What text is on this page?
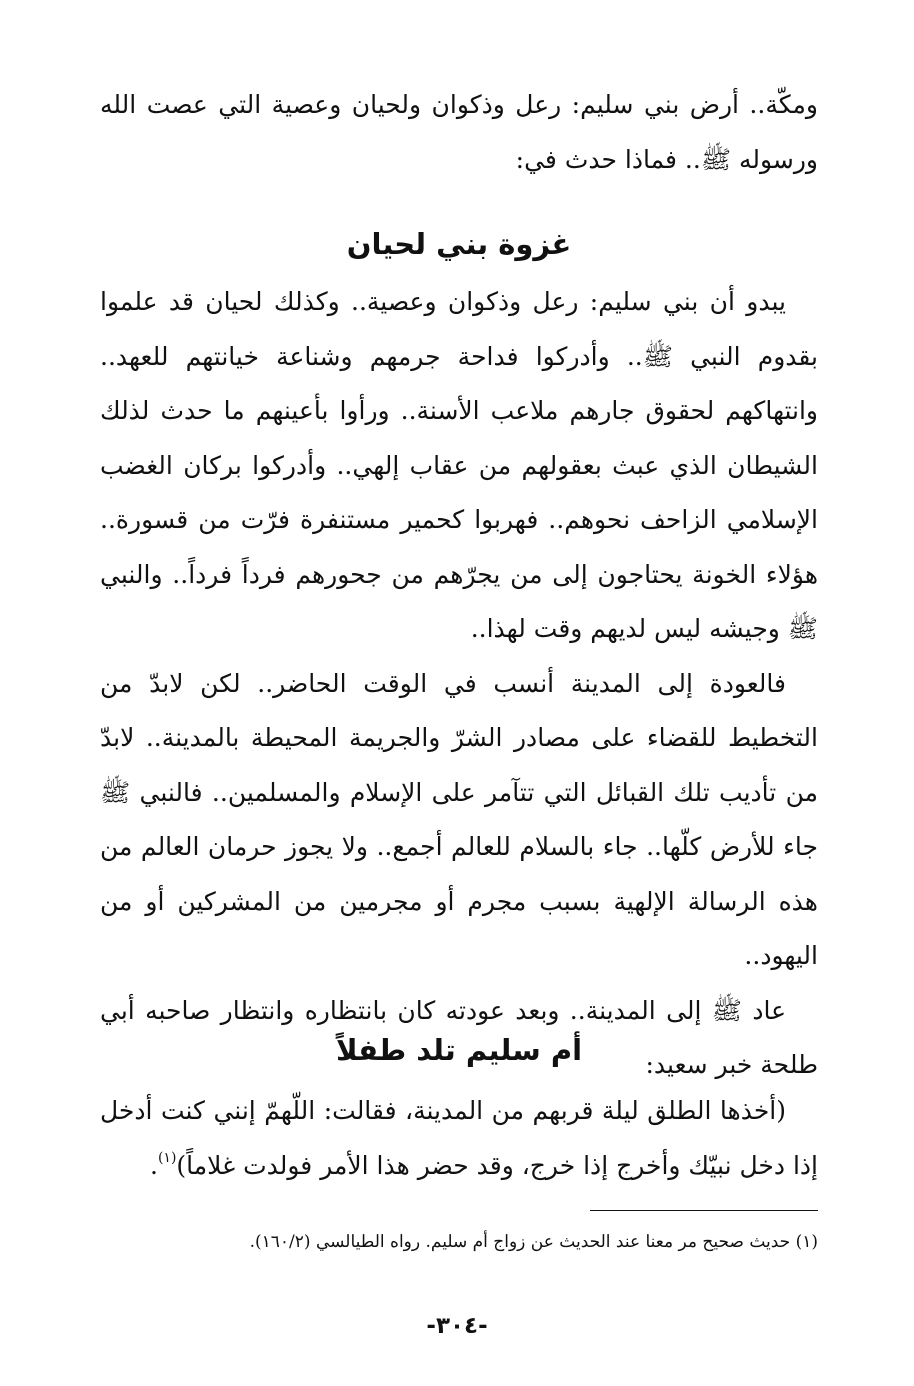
ومكّة.. أرض بني سليم: رعل وذكوان ولحيان وعصية التي عصت الله ورسوله ﷺ.. فماذا حدث في:

غزوة بني لحيان

يبدو أن بني سليم: رعل وذكوان وعصية.. وكذلك لحيان قد علموا بقدوم النبي ﷺ.. وأدركوا فداحة جرمهم وشناعة خيانتهم للعهد.. وانتهاكهم لحقوق جارهم ملاعب الأسنة.. ورأوا بأعينهم ما حدث لذلك الشيطان الذي عبث بعقولهم من عقاب إلهي.. وأدركوا بركان الغضب الإسلامي الزاحف نحوهم.. فهربوا كحمير مستنفرة فرّت من قسورة.. هؤلاء الخونة يحتاجون إلى من يجرّهم من جحورهم فرداً فرداً.. والنبي ﷺ وجيشه ليس لديهم وقت لهذا..

فالعودة إلى المدينة أنسب في الوقت الحاضر.. لكن لابدّ من التخطيط للقضاء على مصادر الشرّ والجريمة المحيطة بالمدينة.. لابدّ من تأديب تلك القبائل التي تتآمر على الإسلام والمسلمين.. فالنبي ﷺ جاء للأرض كلّها.. جاء بالسلام للعالم أجمع.. ولا يجوز حرمان العالم من هذه الرسالة الإلهية بسبب مجرم أو مجرمين من المشركين أو من اليهود..

عاد ﷺ إلى المدينة.. وبعد عودته كان بانتظاره وانتظار صاحبه أبي طلحة خبر سعيد:

أم سليم تلد طفلاً

(أخذها الطلق ليلة قربهم من المدينة، فقالت: اللّهمّ إنني كنت أدخل إذا دخل نبيّك وأخرج إذا خرج، وقد حضر هذا الأمر فولدت غلاماً)$^{(١)}$.

(١) حديث صحيح مر معنا عند الحديث عن زواج أم سليم. رواه الطيالسي (١٦٠/٢).
-٣٠٤-
